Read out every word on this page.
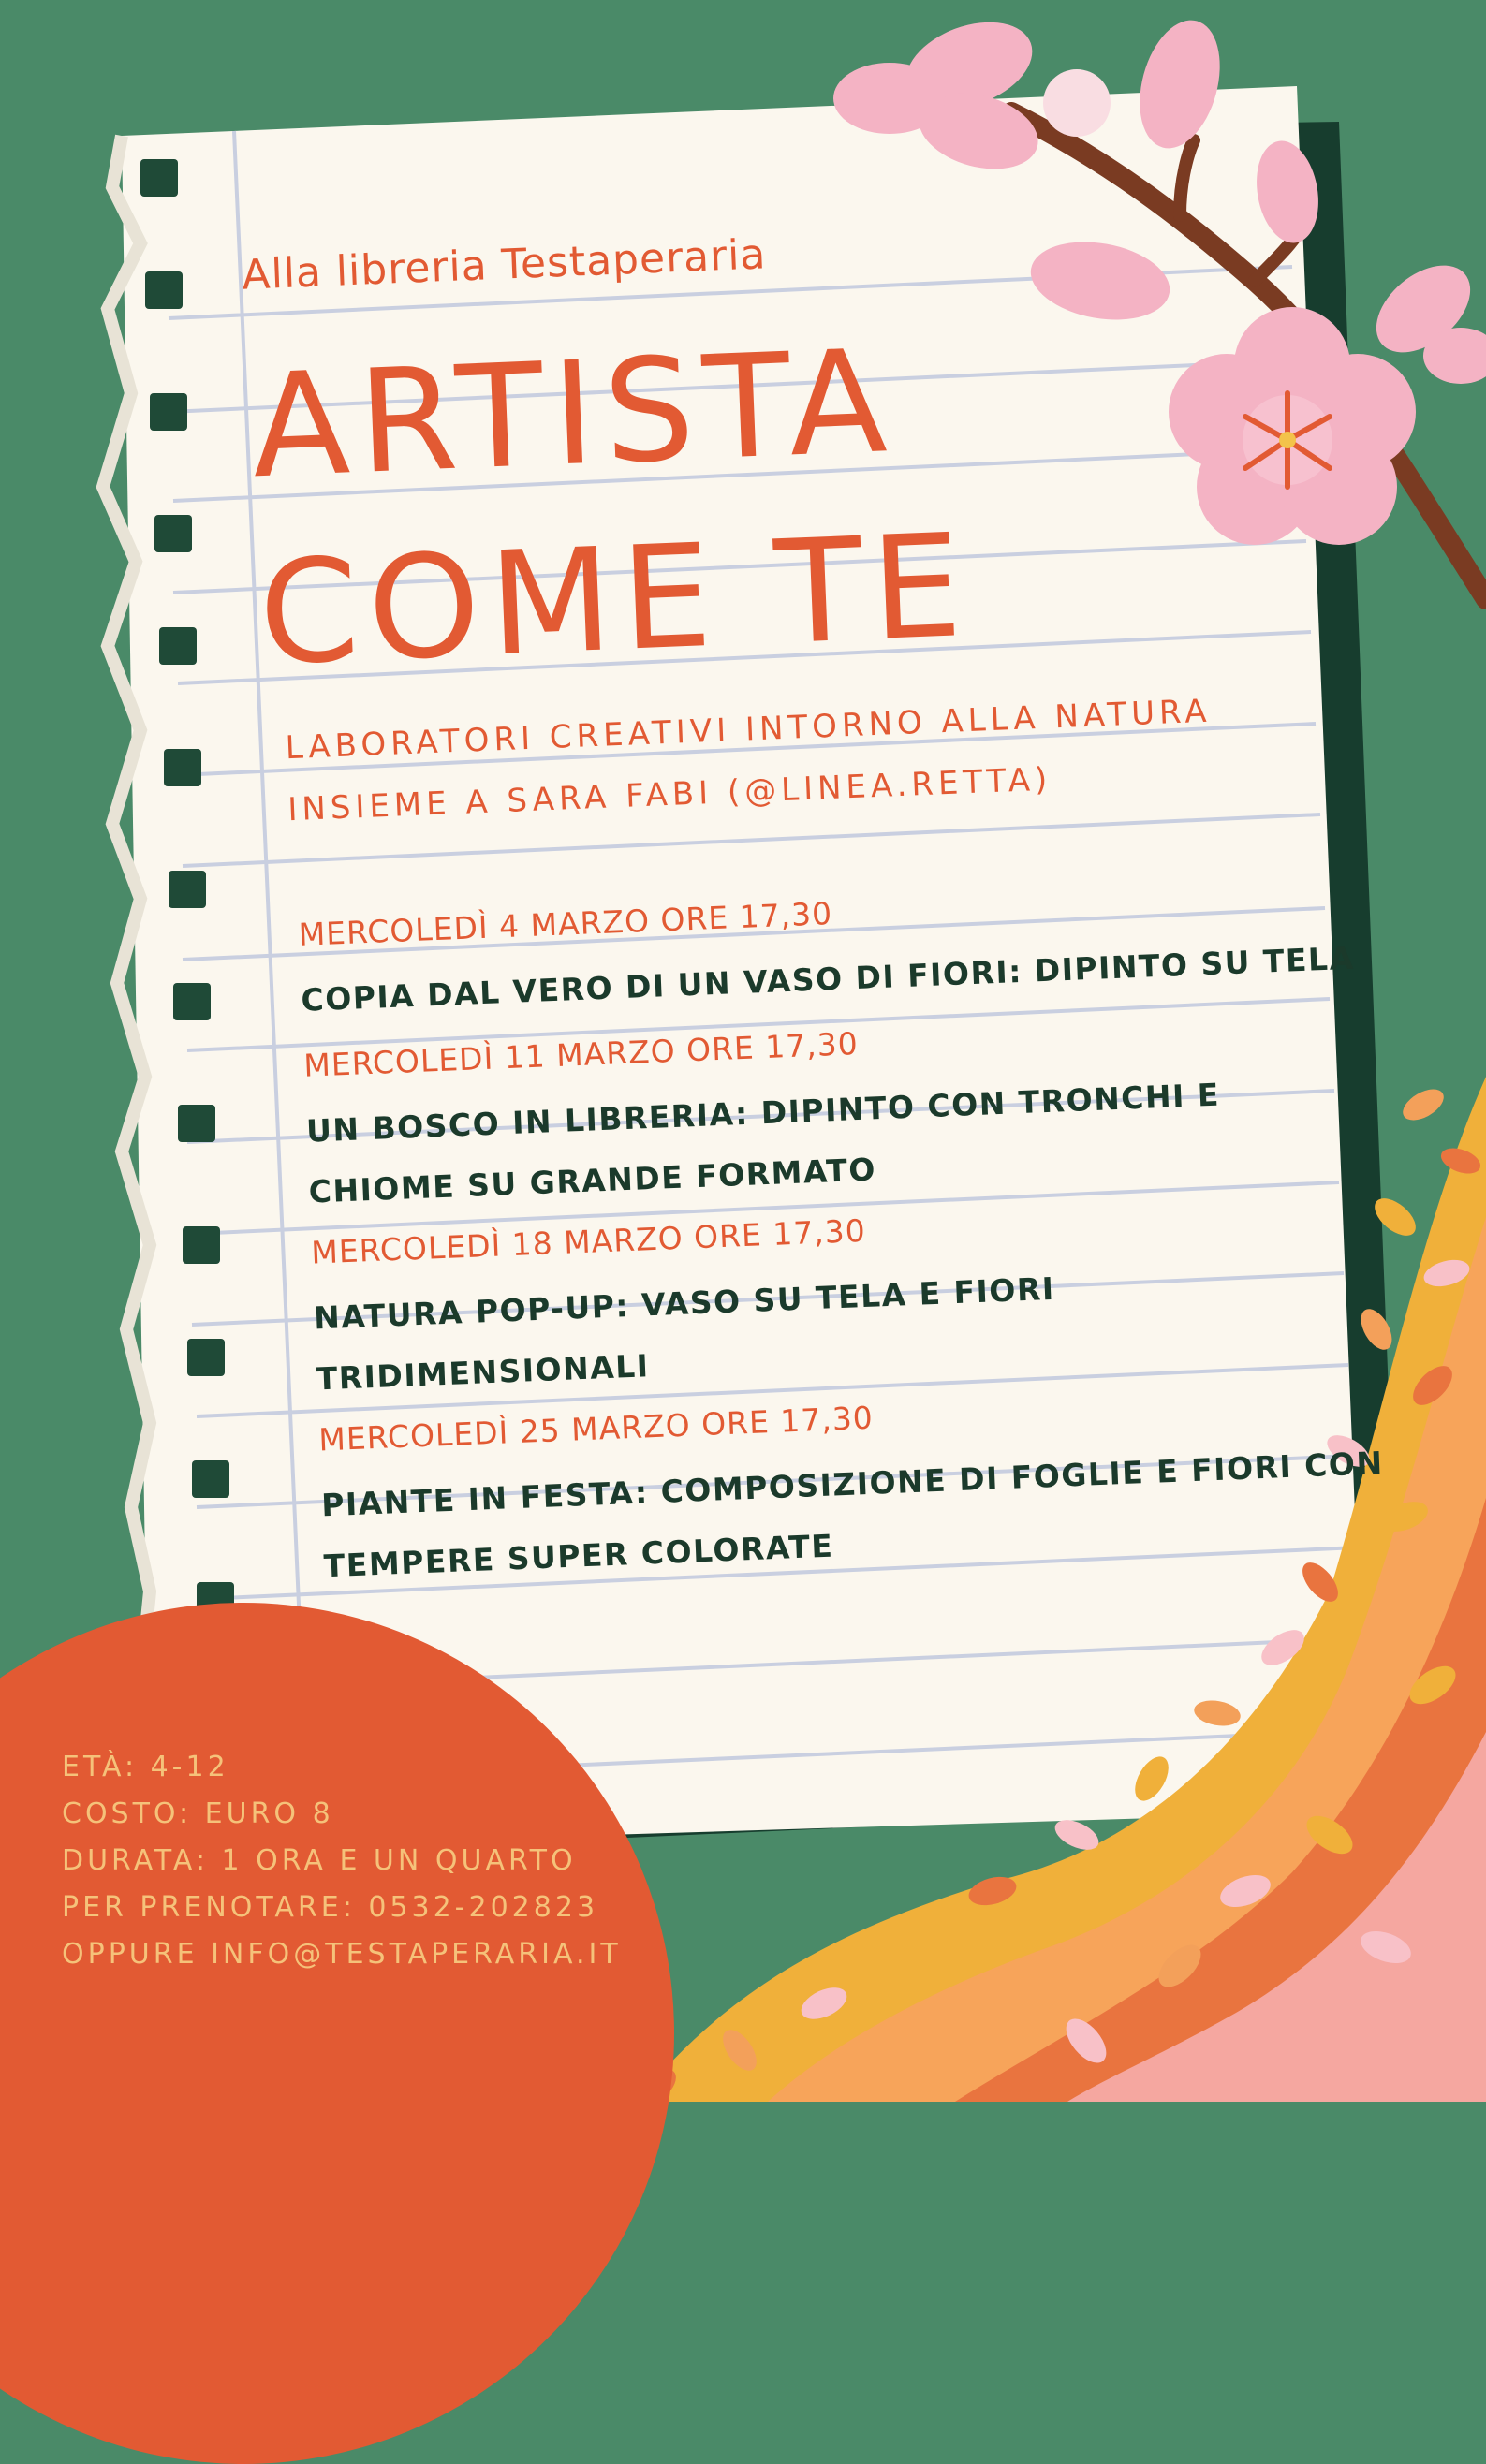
Alla libreria Testaperaria
ARTISTA
COME TE
LABORATORI CREATIVI INTORNO ALLA NATURA
INSIEME A SARA FABI (@LINEA.RETTA)
MERCOLEDÌ 4 MARZO ORE 17,30
COPIA DAL VERO DI UN VASO DI FIORI: DIPINTO SU TELA
MERCOLEDÌ 11 MARZO ORE 17,30
UN BOSCO IN LIBRERIA: DIPINTO CON TRONCHI E
CHIOME SU GRANDE FORMATO
MERCOLEDÌ 18 MARZO ORE 17,30
NATURA POP-UP: VASO SU TELA E FIORI
TRIDIMENSIONALI
MERCOLEDÌ 25 MARZO ORE 17,30
PIANTE IN FESTA: COMPOSIZIONE DI FOGLIE E FIORI CON
TEMPERE SUPER COLORATE
ETÀ: 4-12
COSTO: EURO 8
DURATA: 1 ORA E UN QUARTO
PER PRENOTARE: 0532-202823
OPPURE INFO@TESTAPERARIA.IT
